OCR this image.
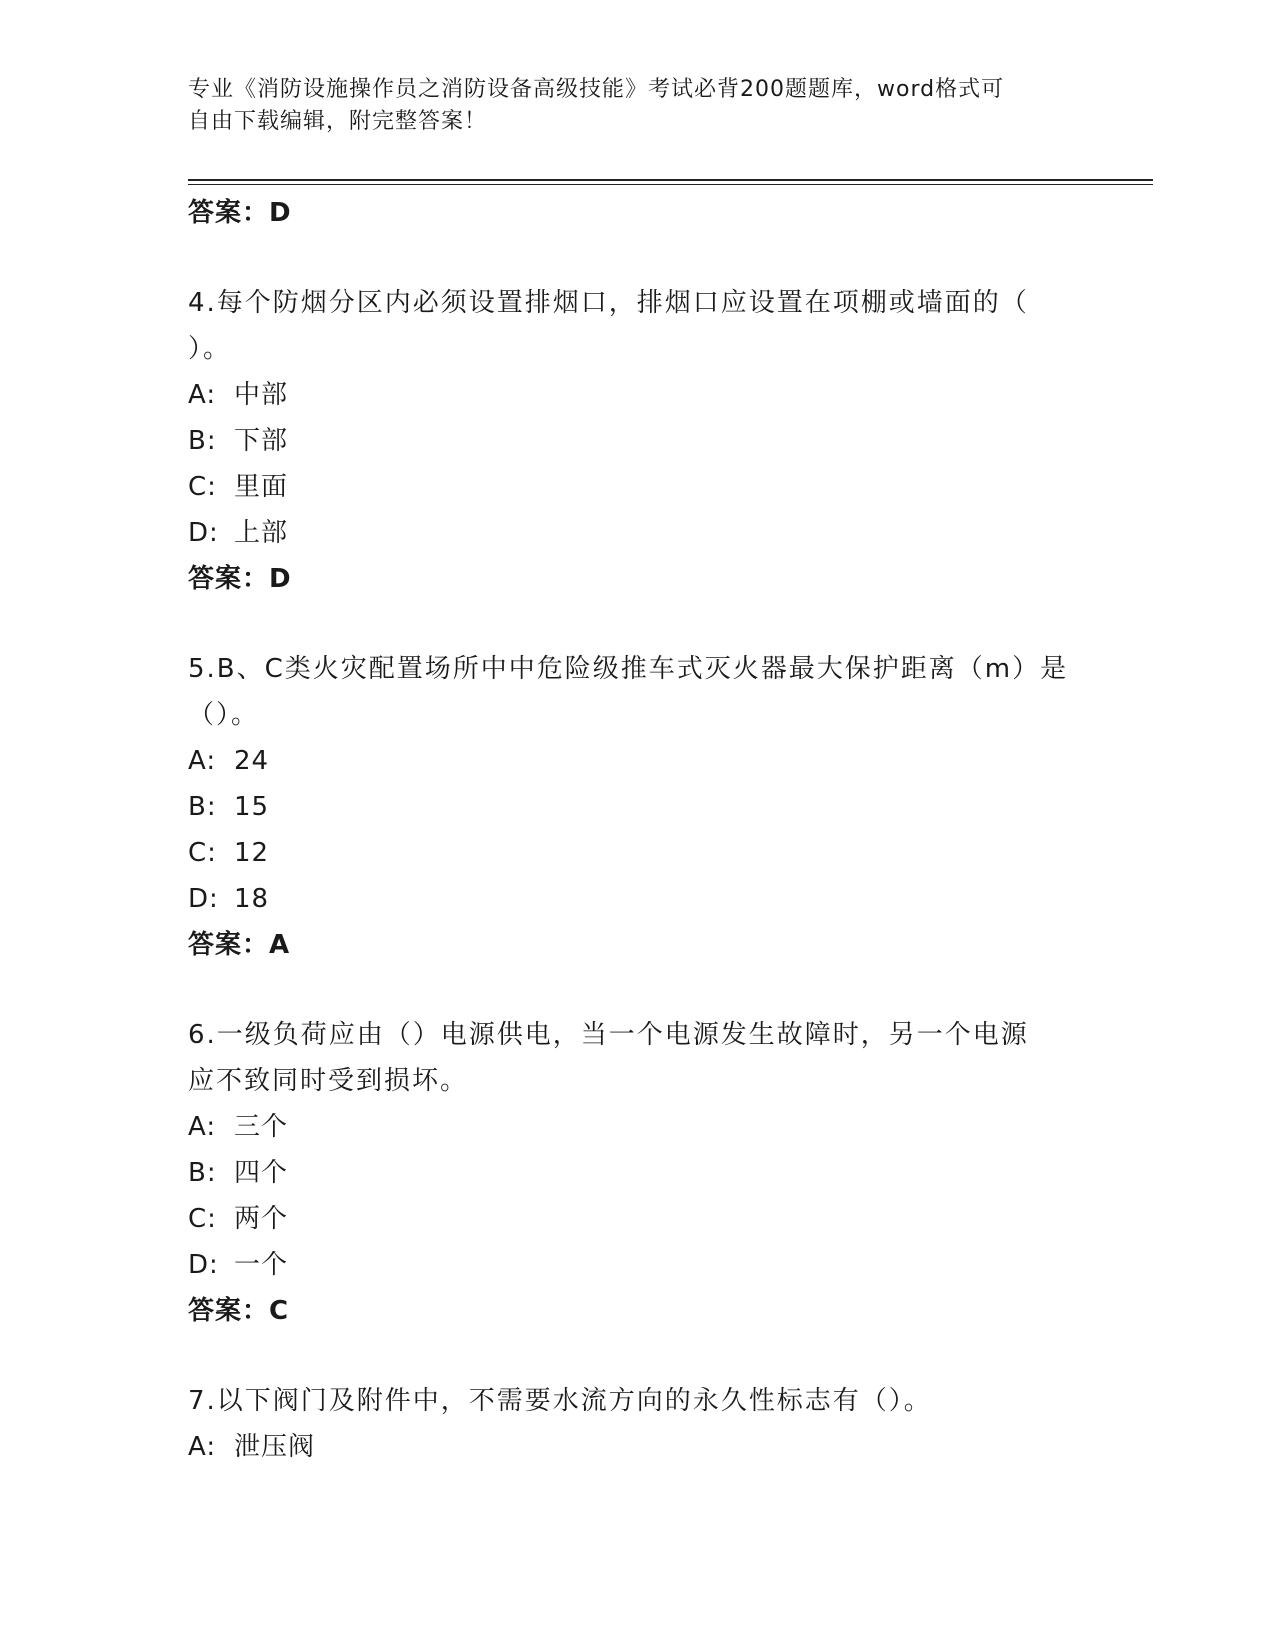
专业《消防设施操作员之消防设备高级技能》考试必背200题题库，word格式可
自由下载编辑，附完整答案！
答案：D

4.每个防烟分区内必须设置排烟口，排烟口应设置在项棚或墙面的（

）。

A: 中部

B: 下部

C: 里面

D: 上部

答案：D

5.B、C类火灾配置场所中中危险级推车式灭火器最大保护距离（m）是

（）。

A: 24

B: 15

C: 12

D: 18

答案：A

6.一级负荷应由（）电源供电，当一个电源发生故障时，另一个电源

应不致同时受到损坏。

A: 三个

B: 四个

C: 两个

D: 一个

答案：C

7.以下阀门及附件中，不需要水流方向的永久性标志有（）。

A: 泄压阀
